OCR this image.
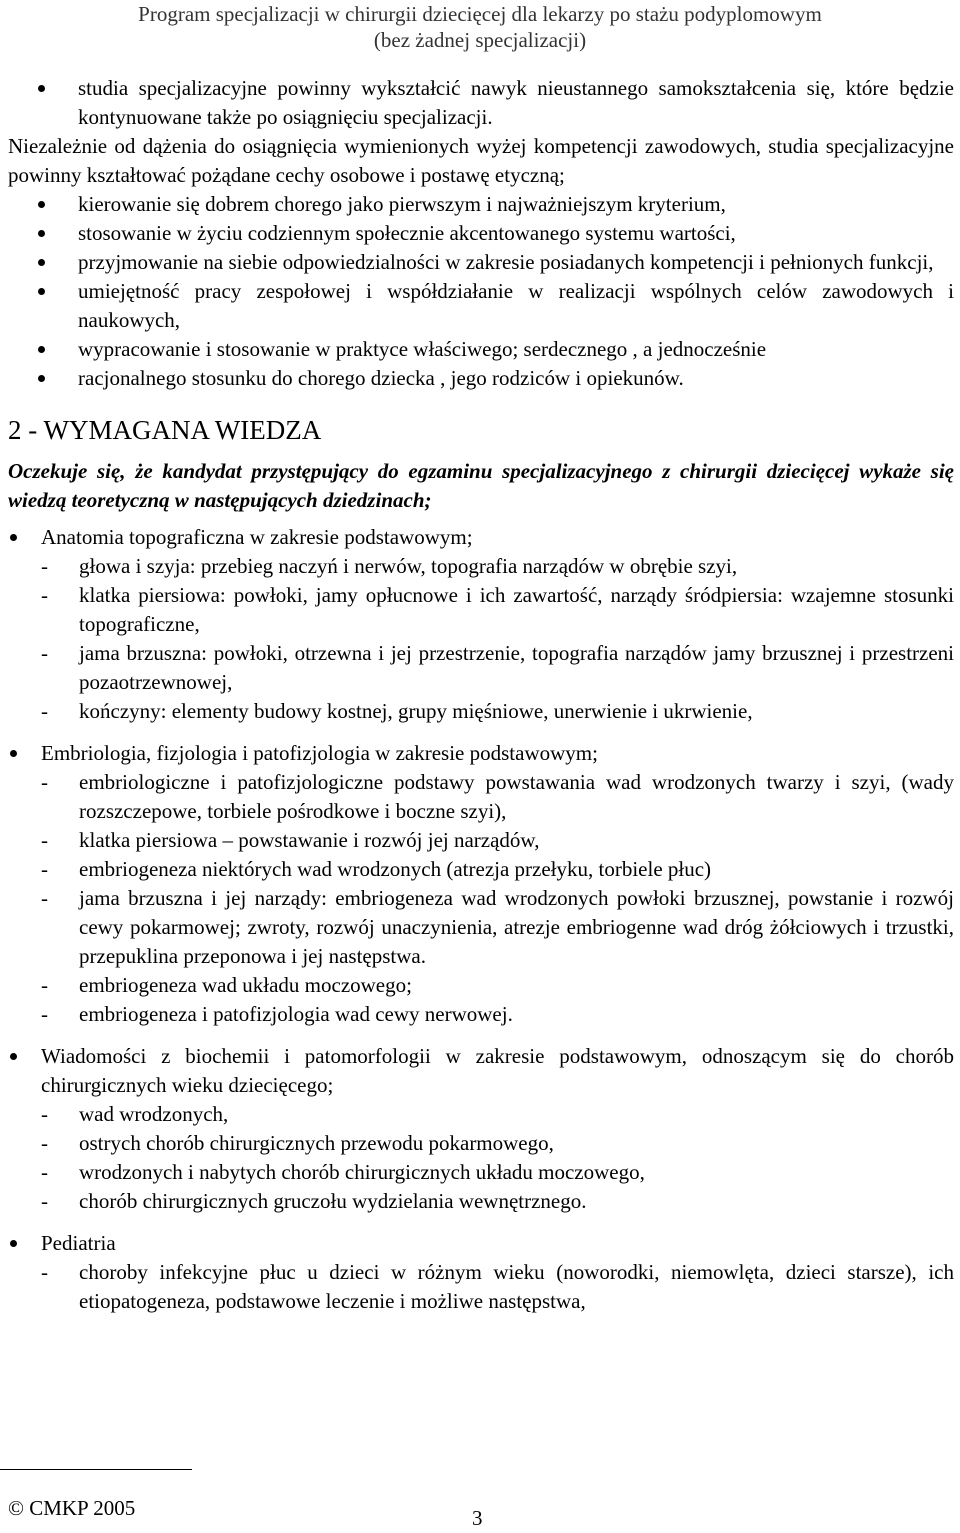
Program specjalizacji w chirurgii dziecięcej dla lekarzy po stażu podyplomowym
(bez żadnej specjalizacji)
studia specjalizacyjne powinny wykształcić nawyk nieustannego samokształcenia się, które będzie kontynuowane także po osiągnięciu specjalizacji.

Niezależnie od dążenia do osiągnięcia wymienionych wyżej kompetencji zawodowych, studia specjalizacyjne powinny kształtować pożądane cechy osobowe i postawę etyczną;

kierowanie się dobrem chorego jako pierwszym i najważniejszym kryterium,
stosowanie w życiu codziennym społecznie akcentowanego systemu wartości,
przyjmowanie na siebie odpowiedzialności w zakresie posiadanych kompetencji i pełnionych funkcji,
umiejętność pracy zespołowej i współdziałanie w realizacji wspólnych celów zawodowych i naukowych,
wypracowanie i stosowanie w praktyce właściwego; serdecznego , a jednocześnie
racjonalnego stosunku do chorego dziecka , jego rodziców i opiekunów.
2 - WYMAGANA WIEDZA

Oczekuje się, że kandydat przystępujący do egzaminu specjalizacyjnego z chirurgii dziecięcej wykaże się wiedzą teoretyczną w następujących dziedzinach;

Anatomia topograficzna w zakresie podstawowym;
- głowa i szyja: przebieg naczyń i nerwów, topografia narządów w obrębie szyi,
- klatka piersiowa: powłoki, jamy opłucnowe i ich zawartość, narządy śródpiersia: wzajemne stosunki topograficzne,
- jama brzuszna: powłoki, otrzewna i jej przestrzenie, topografia narządów jamy brzusznej i przestrzeni pozaotrzewnowej,
- kończyny: elementy budowy kostnej, grupy mięśniowe, unerwienie i ukrwienie,
Embriologia, fizjologia i patofizjologia w zakresie podstawowym;
- embriologiczne i patofizjologiczne podstawy powstawania wad wrodzonych twarzy i szyi, (wady rozszczepowe, torbiele pośrodkowe i boczne szyi),
- klatka piersiowa – powstawanie i rozwój jej narządów,
- embriogeneza niektórych wad wrodzonych (atrezja przełyku, torbiele płuc)
- jama brzuszna i jej narządy: embriogeneza wad wrodzonych powłoki brzusznej, powstanie i rozwój cewy pokarmowej; zwroty, rozwój unaczynienia, atrezje embriogenne wad dróg żółciowych i trzustki, przepuklina przeponowa i jej następstwa.
- embriogeneza wad układu moczowego;
- embriogeneza i patofizjologia wad cewy nerwowej.
Wiadomości z biochemii i patomorfologii w zakresie podstawowym, odnoszącym się do chorób chirurgicznych wieku dziecięcego;
- wad wrodzonych,
- ostrych chorób chirurgicznych przewodu pokarmowego,
- wrodzonych i nabytych chorób chirurgicznych układu moczowego,
- chorób chirurgicznych gruczołu wydzielania wewnętrznego.
Pediatria
- choroby infekcyjne płuc u dzieci w różnym wieku (noworodki, niemowlęta, dzieci starsze), ich etiopatogeneza, podstawowe leczenie i możliwe następstwa,
© CMKP 2005	3
